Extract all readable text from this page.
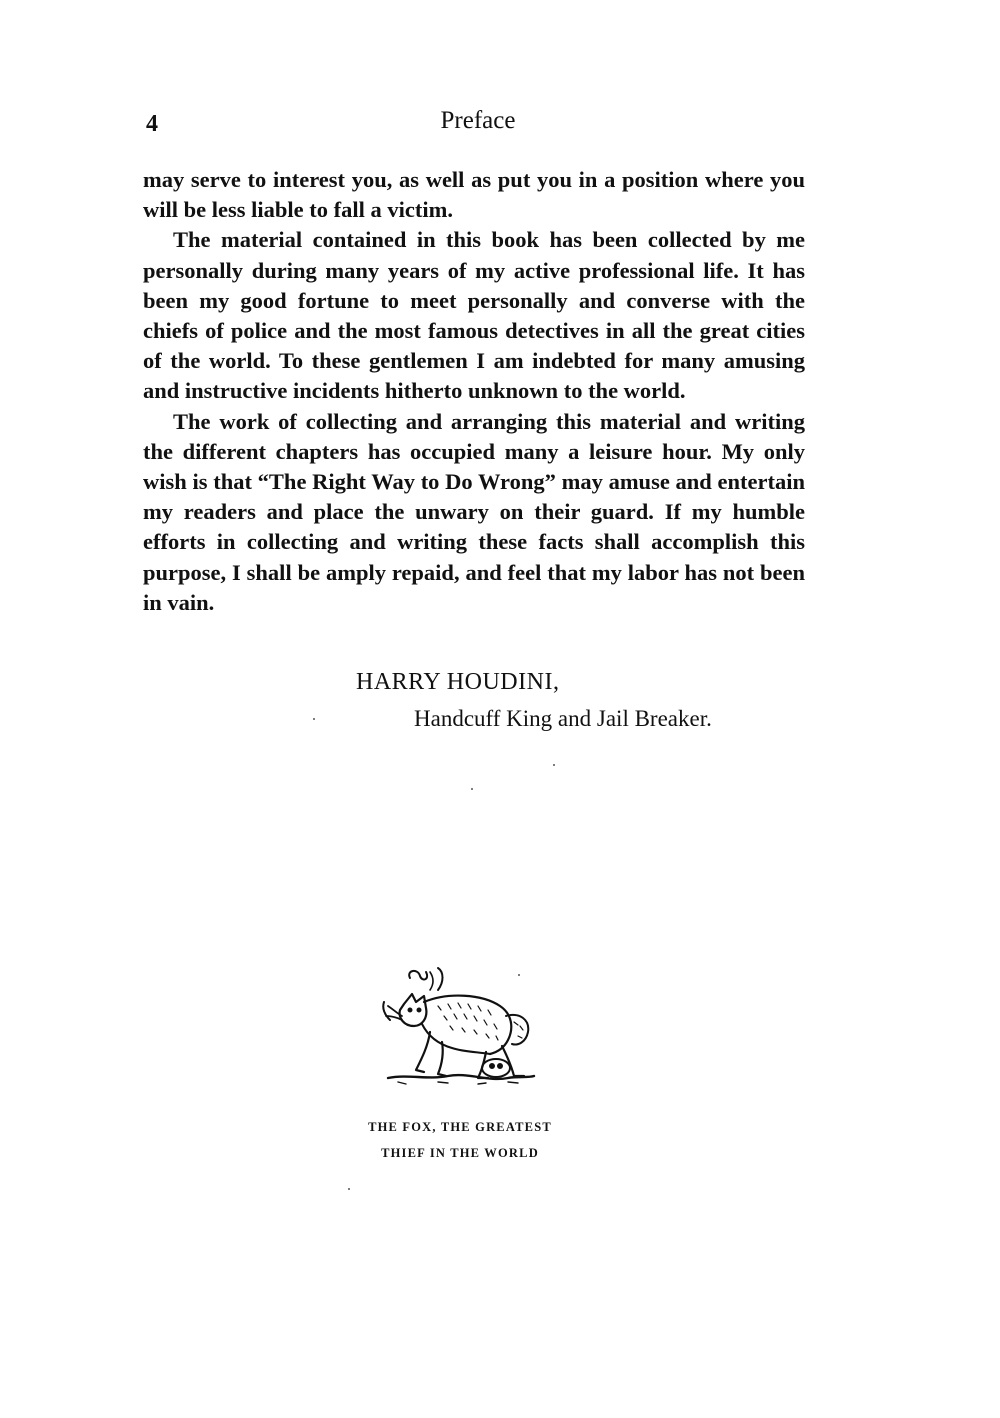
4	Preface

may serve to interest you, as well as put you in a position where you will be less liable to fall a victim.

The material contained in this book has been collected by me personally during many years of my active professional life. It has been my good fortune to meet personally and converse with the chiefs of police and the most famous detectives in all the great cities of the world. To these gentlemen I am indebted for many amusing and instructive incidents hitherto unknown to the world.

The work of collecting and arranging this material and writing the different chapters has occupied many a leisure hour. My only wish is that “The Right Way to Do Wrong” may amuse and entertain my readers and place the unwary on their guard. If my humble efforts in collecting and writing these facts shall accomplish this purpose, I shall be amply repaid, and feel that my labor has not been in vain.

HARRY HOUDINI,
Handcuff King and Jail Breaker.
THE FOX, THE GREATEST
THIEF IN THE WORLD
